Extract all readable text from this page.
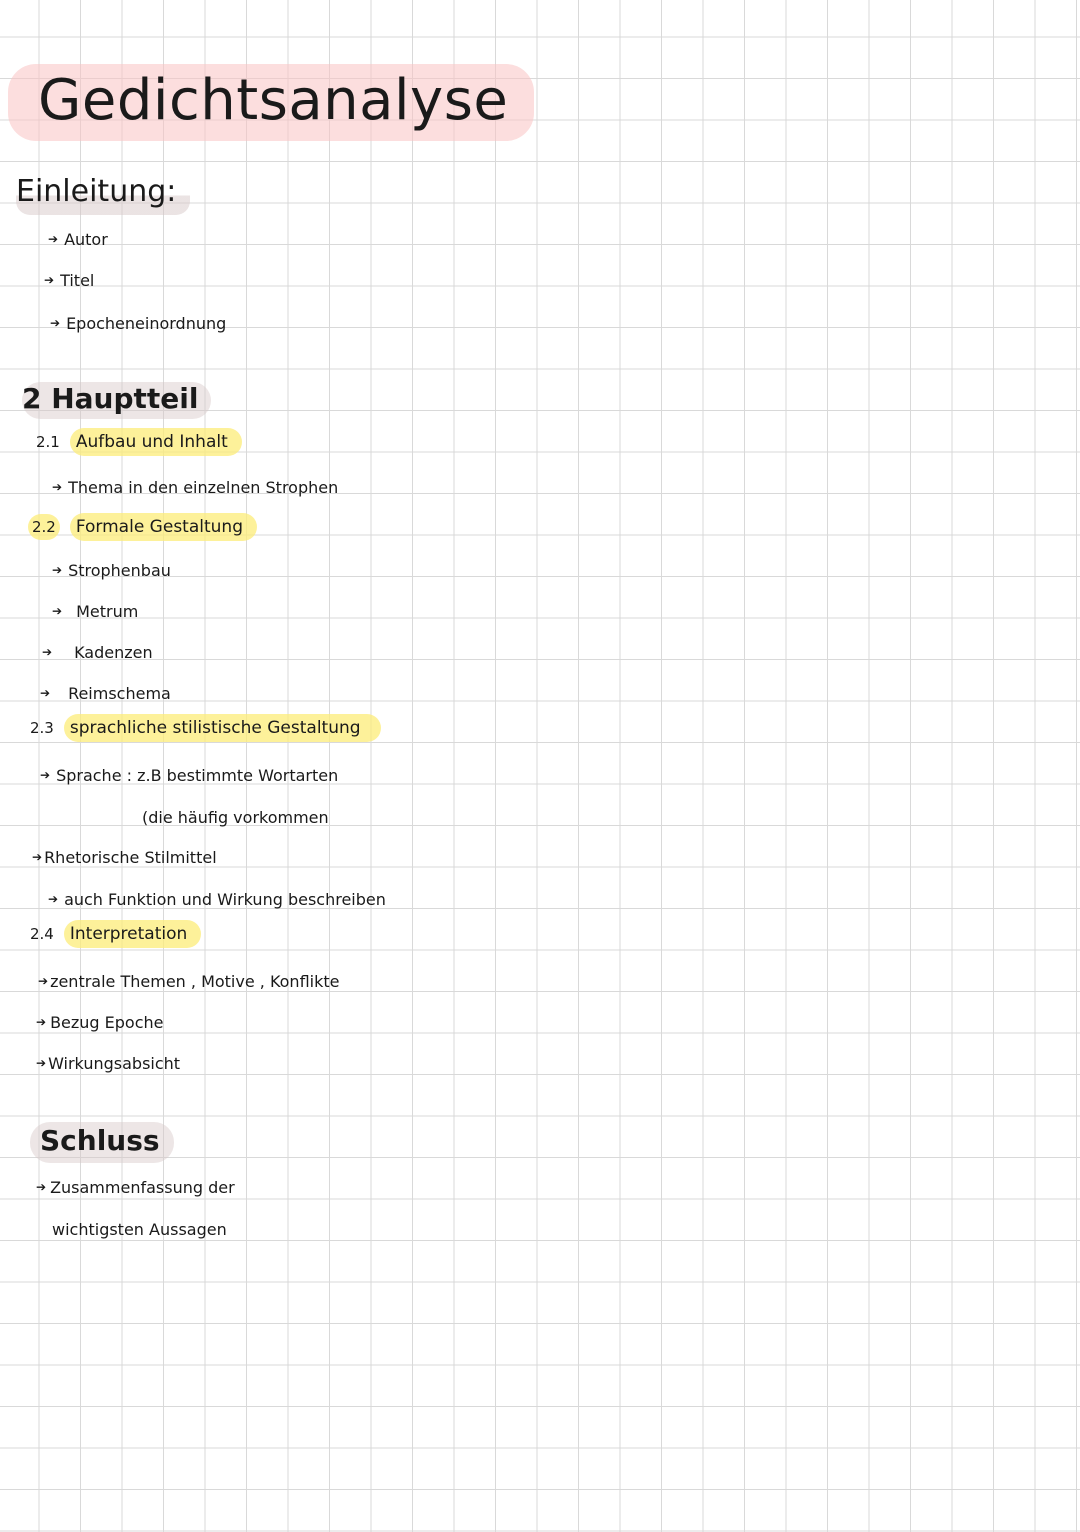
Gedichtsanalyse
Einleitung:
➔ Autor
➔ Titel
➔ Epocheneinordnung
2 Hauptteil
2.1 Aufbau und Inhalt
➔ Thema in den einzelnen Strophen
2.2 Formale Gestaltung
➔ Strophenbau
➔ Metrum
➔ Kadenzen
➔ Reimschema
2.3 sprachliche stilistische Gestaltung
➔ Sprache : z.B bestimmte Wortarten
(die häufig vorkommen
➔ Rhetorische Stilmittel
➔ auch Funktion und Wirkung beschreiben
2.4 Interpretation
➔ zentrale Themen , Motive , Konflikte
➔ Bezug Epoche
➔ Wirkungsabsicht
Schluss
➔ Zusammenfassung der
wichtigsten Aussagen
